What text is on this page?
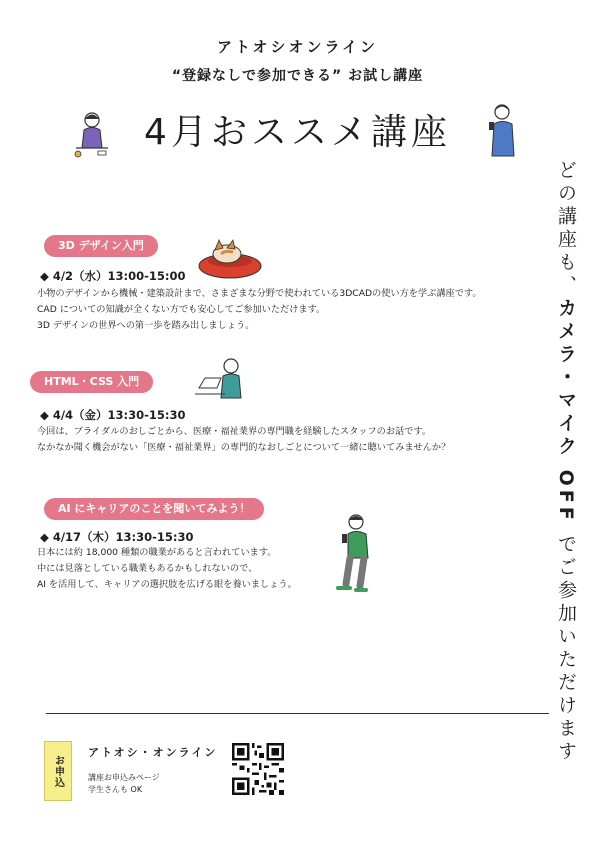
アトオシオンライン
“登録なしで参加できる” お試し講座
4月おススメ講座
どの講座も、カメラ・マイク OFF でご参加いただけます
3D デザイン入門
◆ 4/2（水）13:00-15:00
小物のデザインから機械・建築設計まで、さまざまな分野で使われている3DCADの使い方を学ぶ講座です。
CAD についての知識が全くない方でも安心してご参加いただけます。
3D デザインの世界への第一歩を踏み出しましょう。
HTML・CSS 入門
◆ 4/4（金）13:30-15:30
今回は、ブライダルのおしごとから、医療・福祉業界の専門職を経験したスタッフのお話です。
なかなか聞く機会がない「医療・福祉業界」の専門的なおしごとについて一緒に聴いてみませんか？
AI にキャリアのことを聞いてみよう！
◆ 4/17（木）13:30-15:30
日本には約 18,000 種類の職業があると言われています。
中には見落としている職業もあるかもしれないので、
AI を活用して、キャリアの選択肢を広げる眼を養いましょう。
お申込
アトオシ・オンライン
講座お申込みページ
学生さんも OK
